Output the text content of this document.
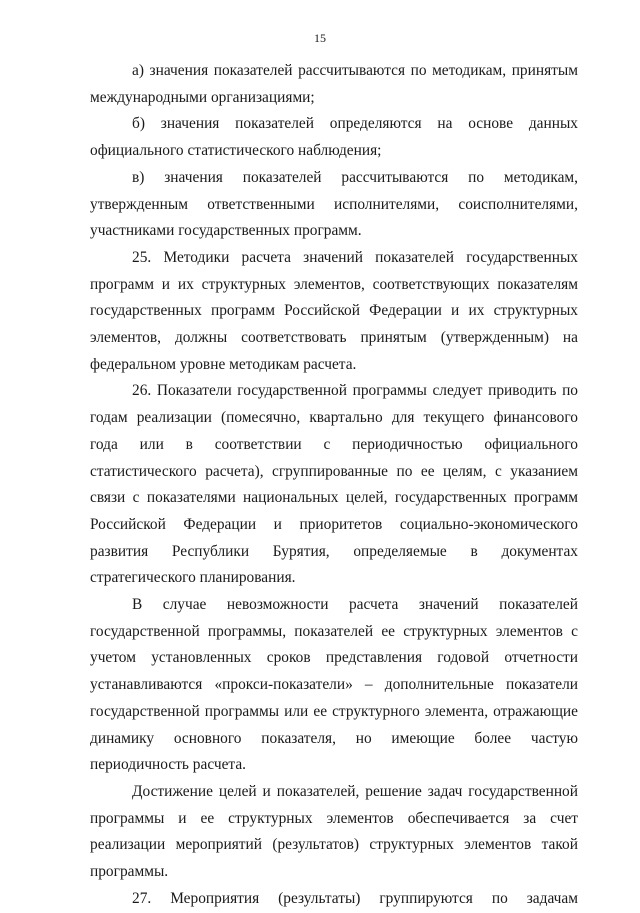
15

а) значения показателей рассчитываются по методикам, принятым международными организациями;

б) значения показателей определяются на основе данных официального статистического наблюдения;

в) значения показателей рассчитываются по методикам, утвержденным ответственными исполнителями, соисполнителями, участниками государственных программ.

25. Методики расчета значений показателей государственных программ и их структурных элементов, соответствующих показателям государственных программ Российской Федерации и их структурных элементов, должны соответствовать принятым (утвержденным) на федеральном уровне методикам расчета.

26. Показатели государственной программы следует приводить по годам реализации (помесячно, квартально для текущего финансового года или в соответствии с периодичностью официального статистического расчета), сгруппированные по ее целям, с указанием связи с показателями национальных целей, государственных программ Российской Федерации и приоритетов социально-экономического развития Республики Бурятия, определяемые в документах стратегического планирования.

В случае невозможности расчета значений показателей государственной программы, показателей ее структурных элементов с учетом установленных сроков представления годовой отчетности устанавливаются «прокси-показатели» – дополнительные показатели государственной программы или ее структурного элемента, отражающие динамику основного показателя, но имеющие более частую периодичность расчета.

Достижение целей и показателей, решение задач государственной программы и ее структурных элементов обеспечивается за счет реализации мероприятий (результатов) структурных элементов такой программы.

27. Мероприятия (результаты) группируются по задачам
